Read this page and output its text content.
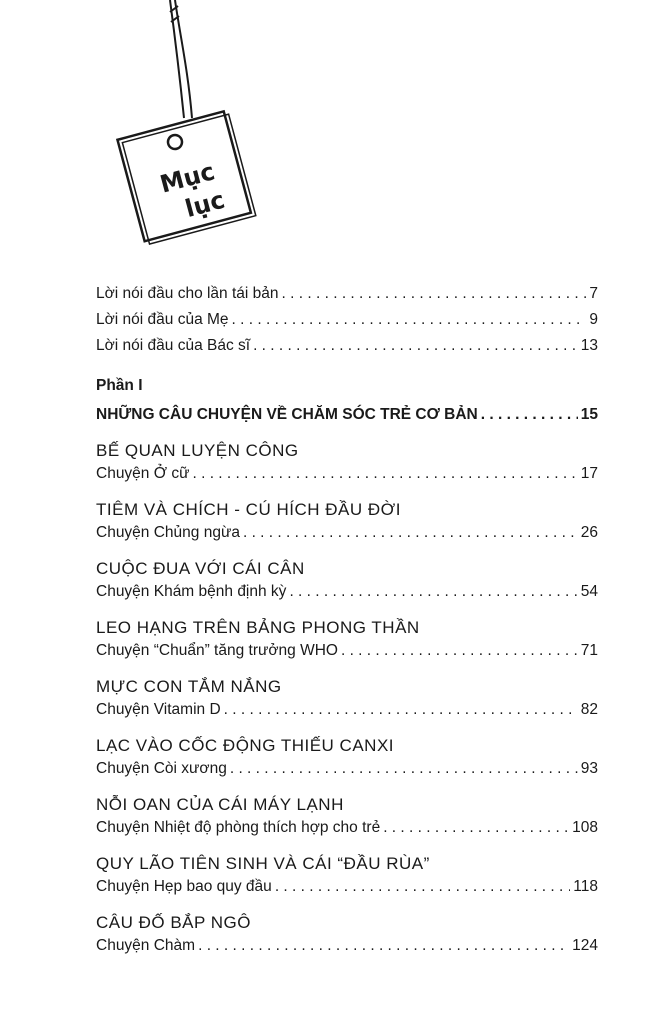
Mục
lục
Lời nói đầu cho lần tái bản . . .	7
Lời nói đầu của Mẹ . . .	9
Lời nói đầu của Bác sĩ . . .	13
Phần I
NHỮNG CÂU CHUYỆN VỀ CHĂM SÓC TRẺ CƠ BẢN . . .	15
BẾ QUAN LUYỆN CÔNG
Chuyện Ở cữ . . .	17
TIÊM VÀ CHÍCH - CÚ HÍCH ĐẦU ĐỜI
Chuyện Chủng ngừa . . .	26
CUỘC ĐUA VỚI CÁI CÂN
Chuyện Khám bệnh định kỳ . . .	54
LEO HẠNG TRÊN BẢNG PHONG THẦN
Chuyện “Chuẩn” tăng trưởng WHO . . .	71
MỰC CON TẮM NẮNG
Chuyện Vitamin D . . .	82
LẠC VÀO CỐC ĐỘNG THIẾU CANXI
Chuyện Còi xương . . .	93
NỖI OAN CỦA CÁI MÁY LẠNH
Chuyện Nhiệt độ phòng thích hợp cho trẻ . . .	108
QUY LÃO TIÊN SINH VÀ CÁI “ĐẦU RÙA”
Chuyện Hẹp bao quy đầu . . .	118
CÂU ĐỐ BẮP NGÔ
Chuyện Chàm . . .	124
